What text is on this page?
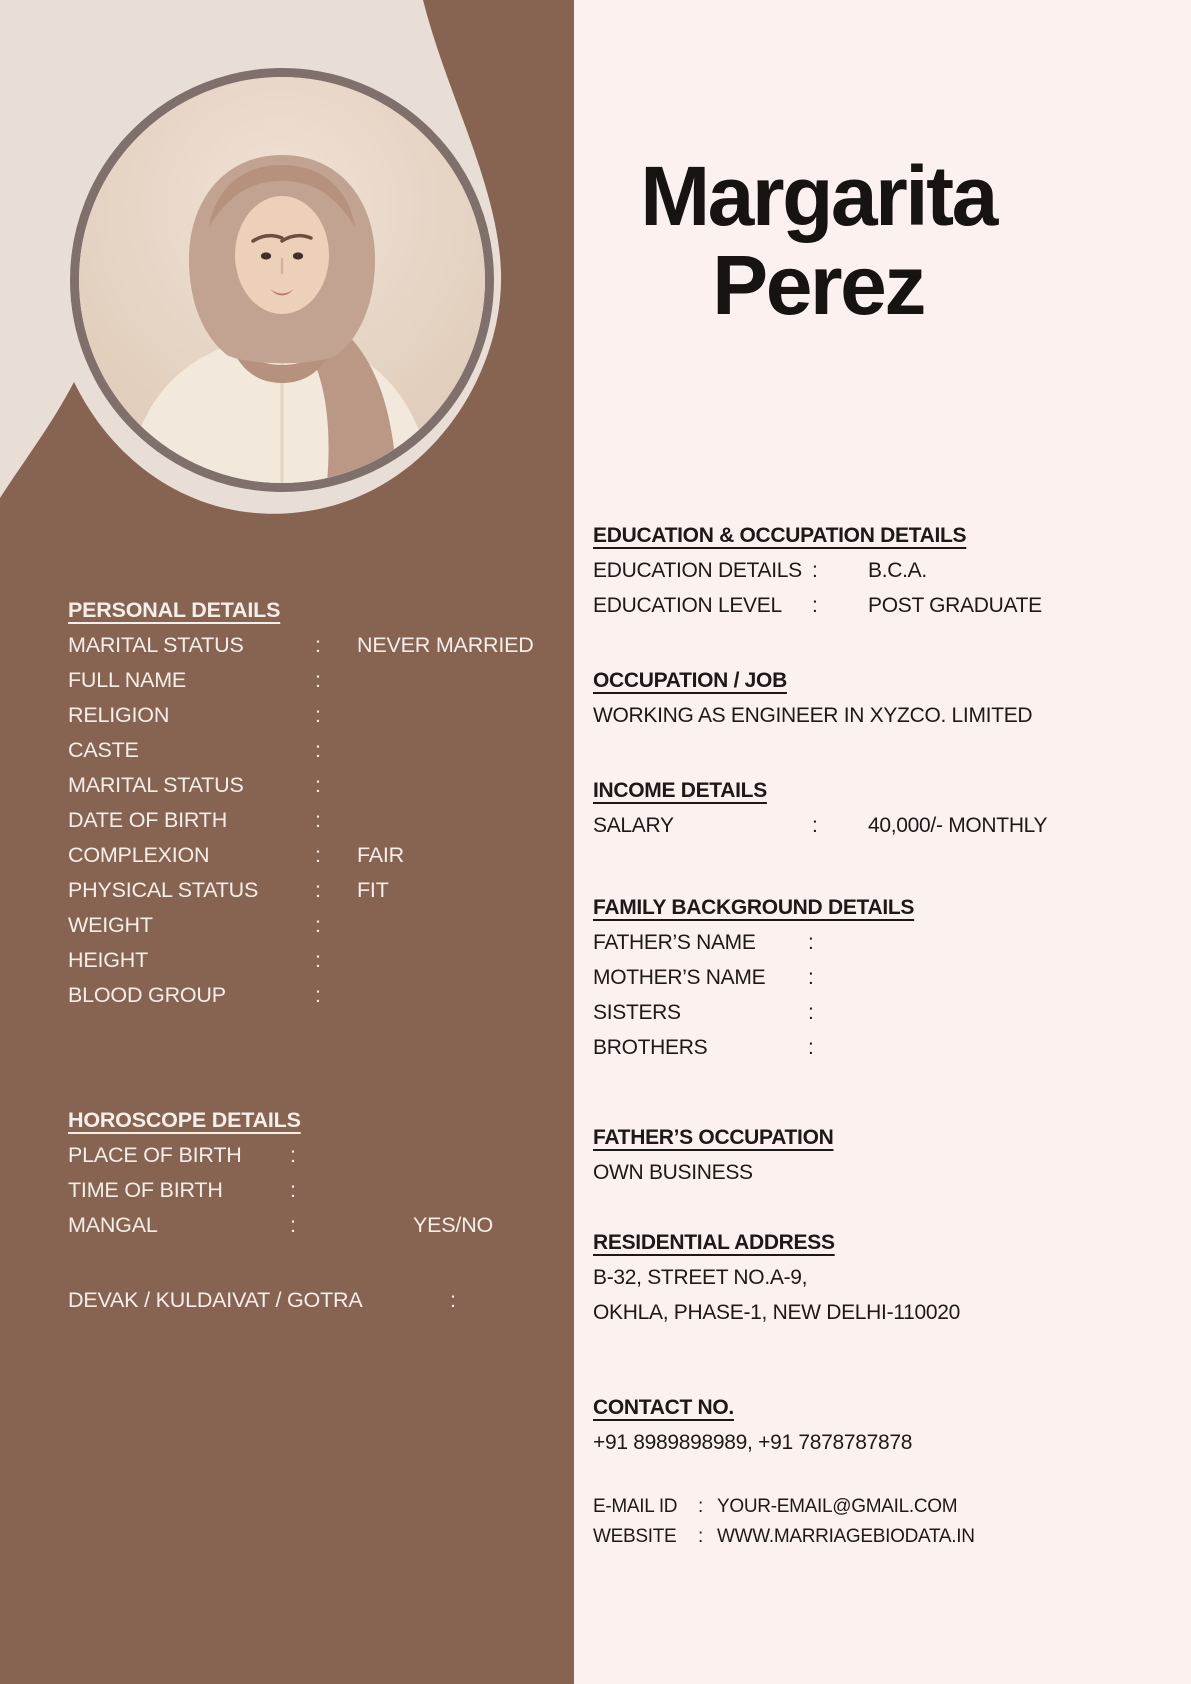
PERSONAL DETAILS
MARITAL STATUS	: NEVER MARRIED
FULL NAME	:
RELIGION	:
CASTE	:
MARITAL STATUS	:
DATE OF BIRTH	:
COMPLEXION	: FAIR
PHYSICAL STATUS	: FIT
WEIGHT	:
HEIGHT	:
BLOOD GROUP	:
HOROSCOPE DETAILS
PLACE OF BIRTH :
TIME OF BIRTH	:
MANGAL	:	YES/NO
DEVAK / KULDAIVAT / GOTRA	:
Margarita
Perez
EDUCATION & OCCUPATION DETAILS
EDUCATION DETAILS : B.C.A.
EDUCATION LEVEL : POST GRADUATE
OCCUPATION / JOB
WORKING AS ENGINEER IN XYZCO. LIMITED
INCOME DETAILS
SALARY	: 40,000/- MONTHLY
FAMILY BACKGROUND DETAILS
FATHER’S NAME :
MOTHER’S NAME :
SISTERS	:
BROTHERS	:
FATHER’S OCCUPATION
OWN BUSINESS
RESIDENTIAL ADDRESS
B-32, STREET NO.A-9,
OKHLA, PHASE-1, NEW DELHI-110020
CONTACT NO.
+91 8989898989, +91 7878787878
E-MAIL ID : YOUR-EMAIL@GMAIL.COM
WEBSITE : WWW.MARRIAGEBIODATA.IN
